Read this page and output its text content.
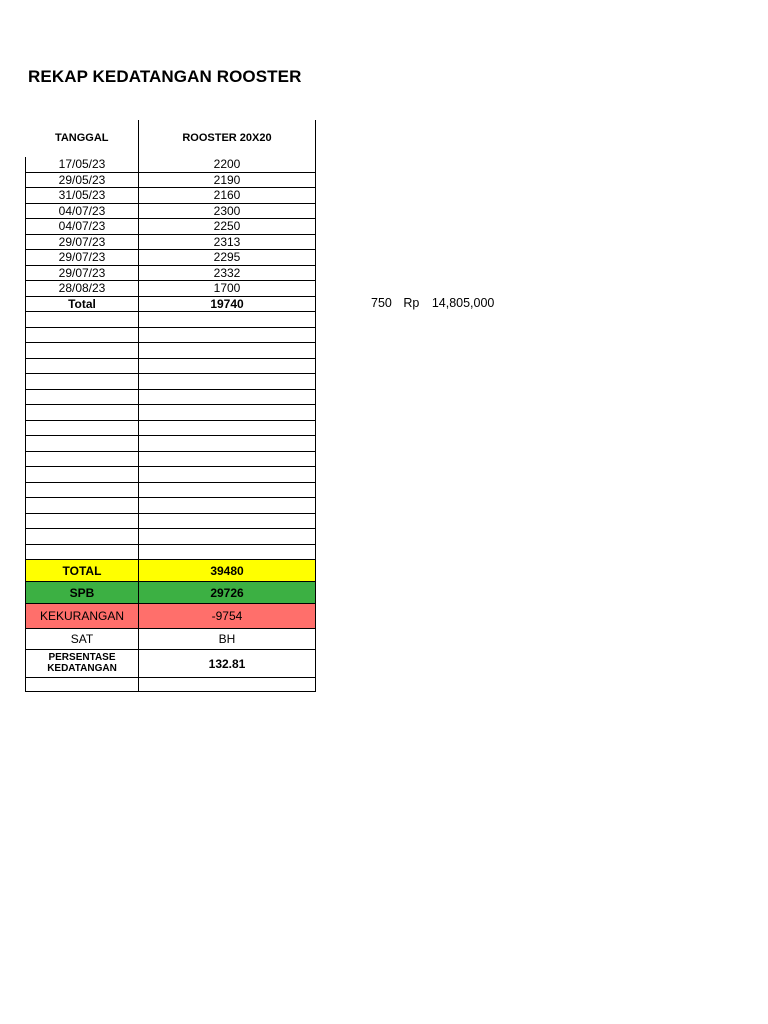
REKAP KEDATANGAN ROOSTER
TANGGAL	ROOSTER 20X20
17/05/23	2200
29/05/23	2190
31/05/23	2160
04/07/23	2300
04/07/23	2250
29/07/23	2313
29/07/23	2295
29/07/23	2332
28/08/23	1700
Total	19740

TOTAL	39480
SPB	29726
KEKURANGAN	-9754
SAT	BH
PERSENTASE KEDATANGAN	132.81

750 Rp 14,805,000
